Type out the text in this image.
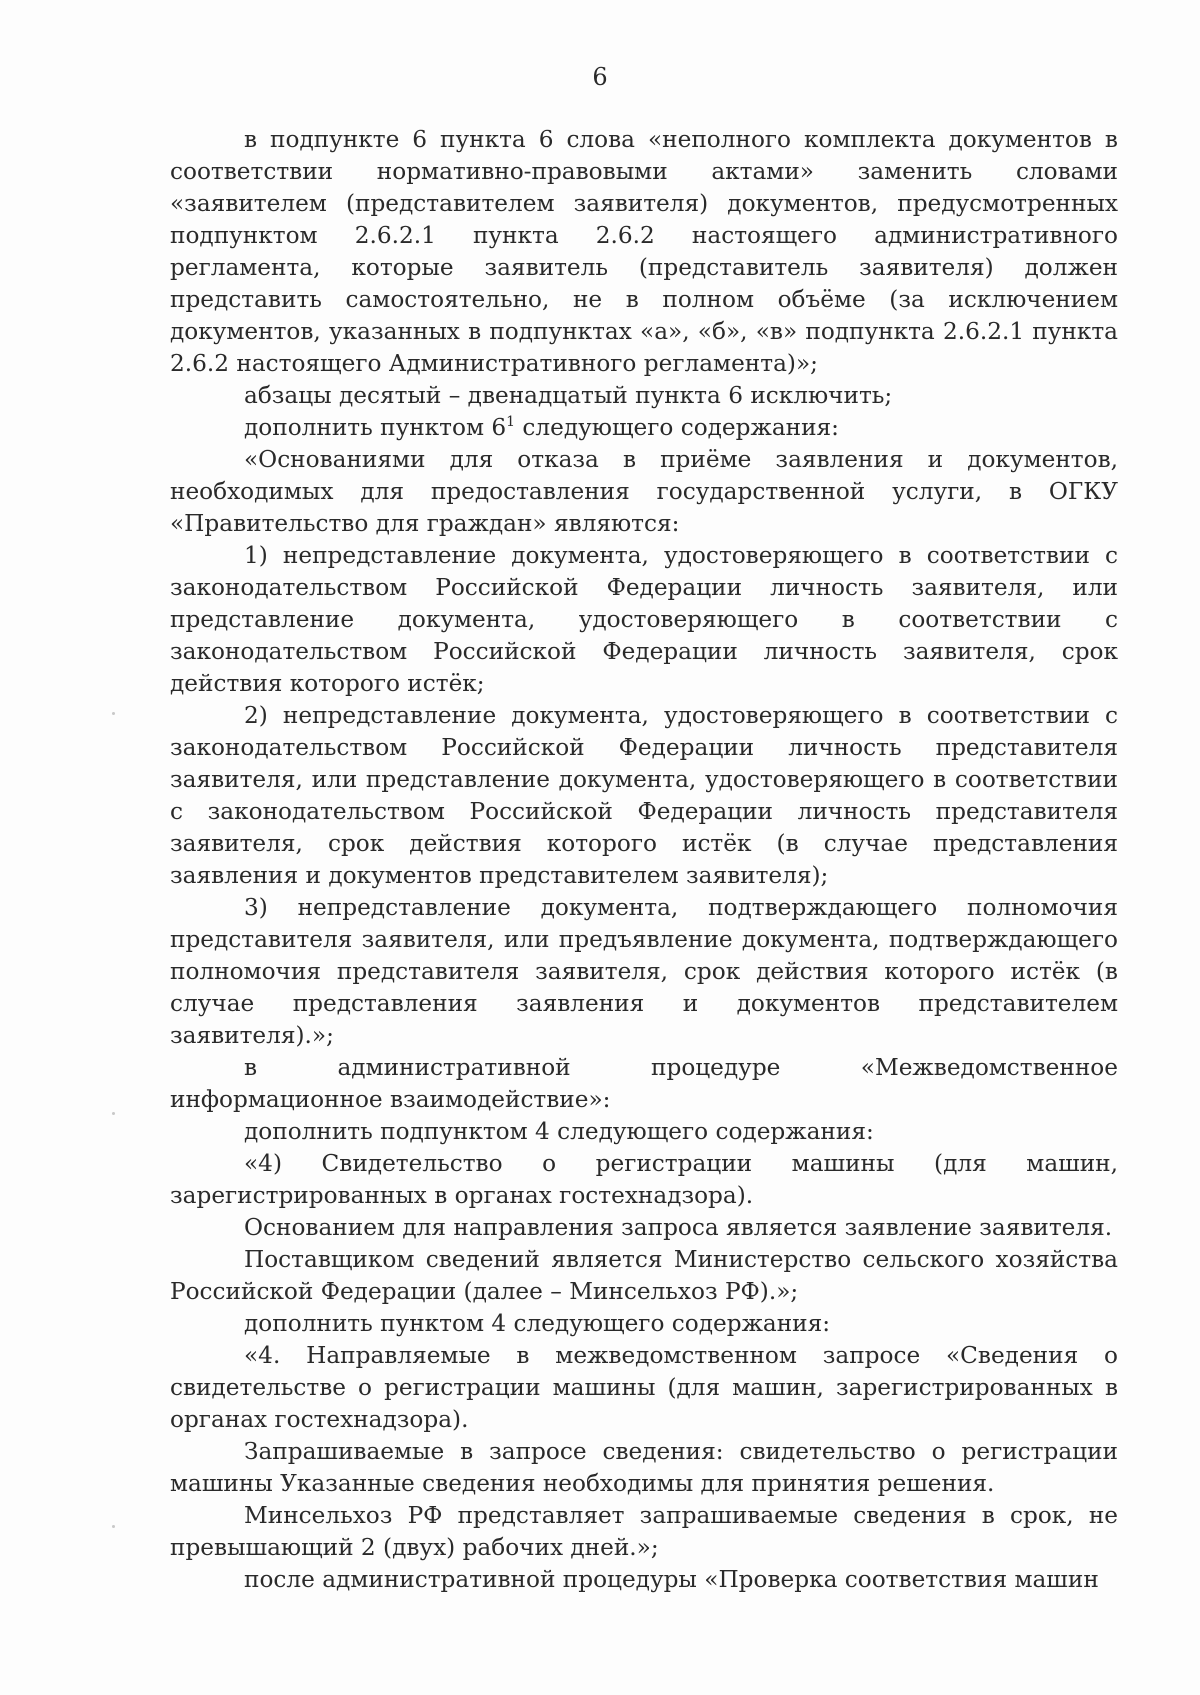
6

в подпункте 6 пункта 6 слова «неполного комплекта документов в соответствии нормативно-правовыми актами» заменить словами «заявителем (представителем заявителя) документов, предусмотренных подпунктом 2.6.2.1 пункта 2.6.2 настоящего административного регламента, которые заявитель (представитель заявителя) должен представить самостоятельно, не в полном объёме (за исключением документов, указанных в подпунктах «а», «б», «в» подпункта 2.6.2.1 пункта 2.6.2 настоящего Административного регламента)»;

абзацы десятый – двенадцатый пункта 6 исключить;

дополнить пунктом $6^1$ следующего содержания:

«Основаниями для отказа в приёме заявления и документов, необходимых для предоставления государственной услуги, в ОГКУ «Правительство для граждан» являются:

1) непредставление документа, удостоверяющего в соответствии с законодательством Российской Федерации личность заявителя, или представление документа, удостоверяющего в соответствии с законодательством Российской Федерации личность заявителя, срок действия которого истёк;

2) непредставление документа, удостоверяющего в соответствии с законодательством Российской Федерации личность представителя заявителя, или представление документа, удостоверяющего в соответствии с законодательством Российской Федерации личность представителя заявителя, срок действия которого истёк (в случае представления заявления и документов представителем заявителя);

3) непредставление документа, подтверждающего полномочия представителя заявителя, или предъявление документа, подтверждающего полномочия представителя заявителя, срок действия которого истёк (в случае представления заявления и документов представителем заявителя).»;

в административной процедуре «Межведомственное информационное взаимодействие»:

дополнить подпунктом 4 следующего содержания:

«4) Свидетельство о регистрации машины (для машин, зарегистрированных в органах гостехнадзора).

Основанием для направления запроса является заявление заявителя.

Поставщиком сведений является Министерство сельского хозяйства Российской Федерации (далее – Минсельхоз РФ).»;

дополнить пунктом 4 следующего содержания:

«4. Направляемые в межведомственном запросе «Сведения о свидетельстве о регистрации машины (для машин, зарегистрированных в органах гостехнадзора).

Запрашиваемые в запросе сведения: свидетельство о регистрации машины Указанные сведения необходимы для принятия решения.

Минсельхоз РФ представляет запрашиваемые сведения в срок, не превышающий 2 (двух) рабочих дней.»;

после административной процедуры «Проверка соответствия машин
